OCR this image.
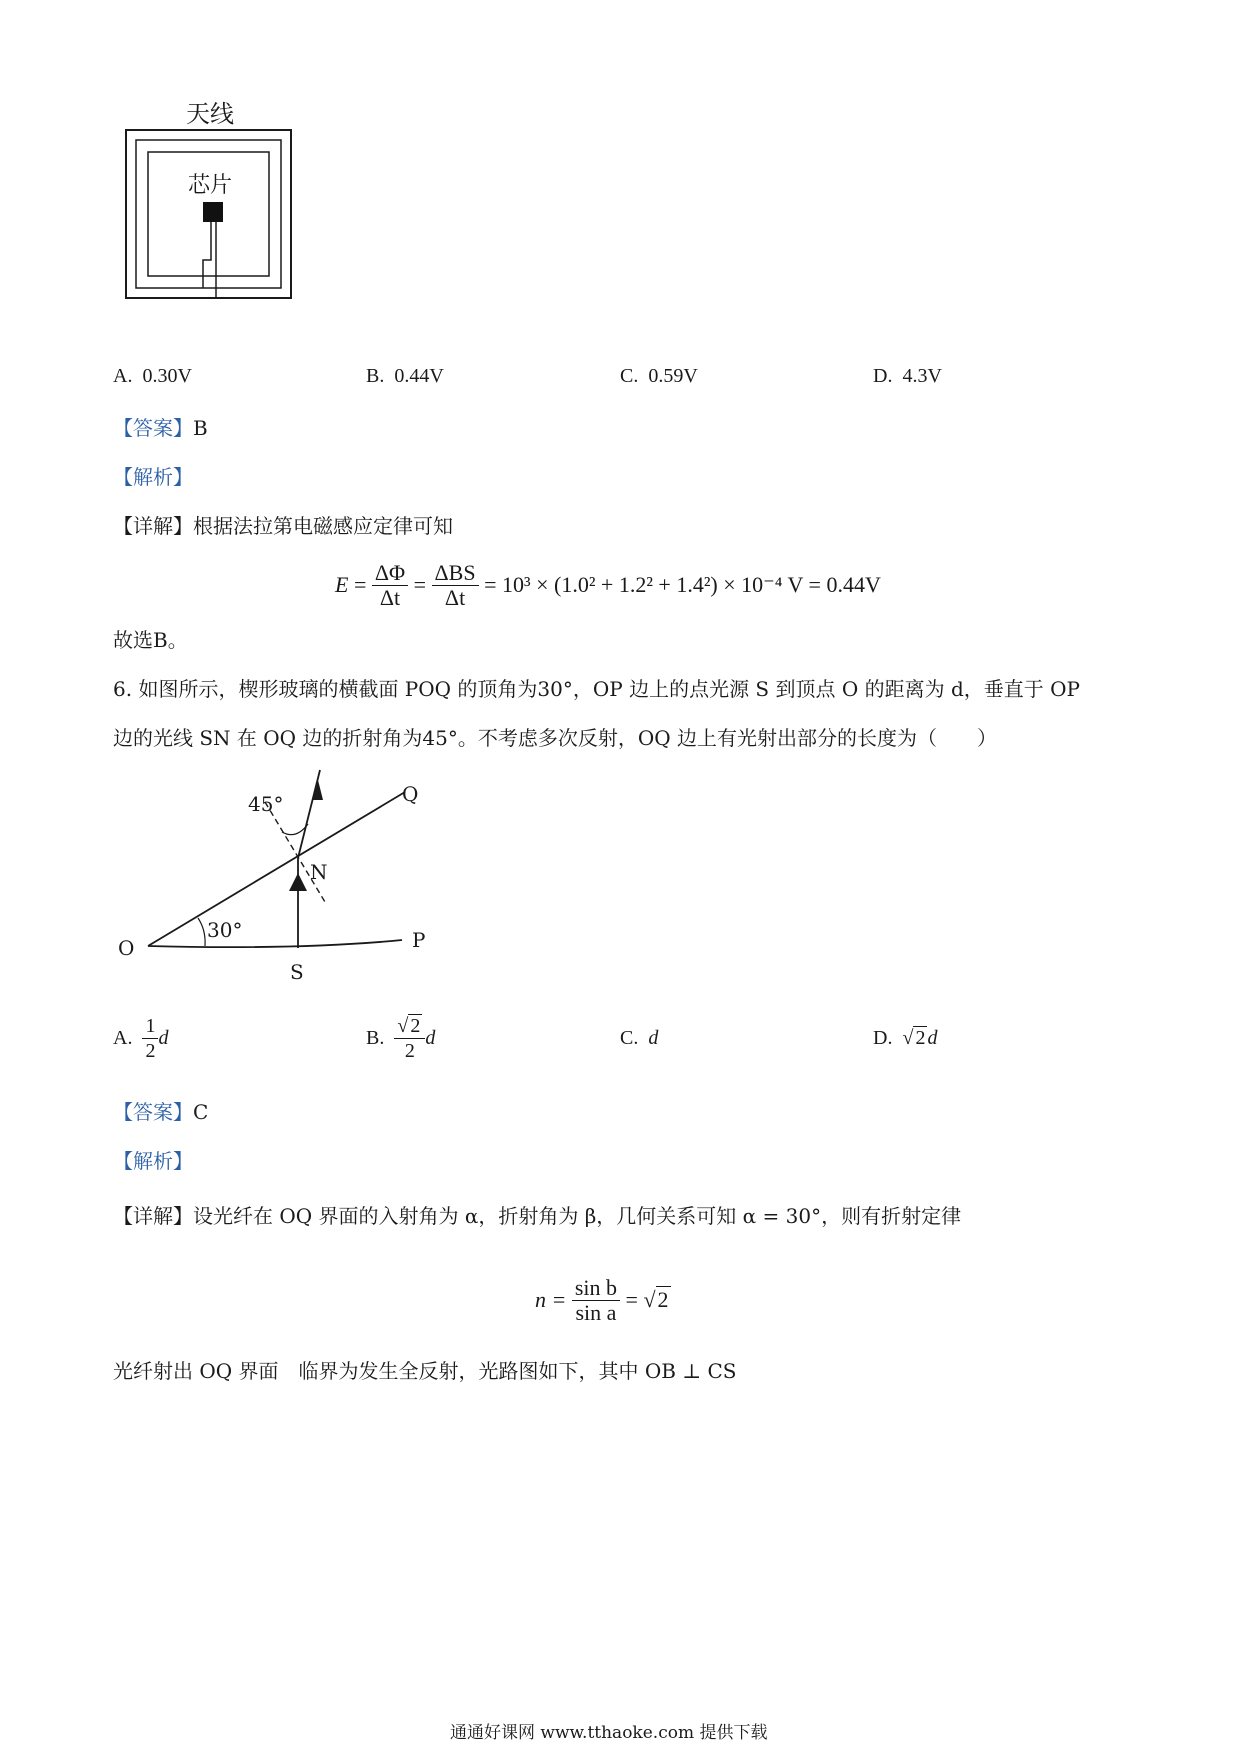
天线
芯片
A. 0.30V	B. 0.44V	C. 0.59V	D. 4.3V
【答案】B
【解析】
【详解】根据法拉第电磁感应定律可知
$E = \frac{\Delta\Phi}{\Delta t} = \frac{\text{ΔBS}}{\Delta t}$
= 10³ × (1.0² + 1.2² + 1.4²) × 10⁻⁴ V = 0.44V
故选B。
6. 如图所示，楔形玻璃的横截面 POQ 的顶角为30°，OP 边上的点光源 S 到顶点 O 的距离为 d，垂直于 OP
边的光线 SN 在 OQ 边的折射角为45°。不考虑多次反射，OQ 边上有光射出部分的长度为（　　）
45°	Q
N
30°
O
S
P
A.
$\frac{1}{2}$ d	B.
$\frac{√ 2}{2}$ d	C.
d	D.
√ 2 d
【答案】C
【解析】
【详解】设光纤在 OQ 界面的入射角为 α，折射角为 β，几何关系可知 α = 30°，则有折射定律
n =
$\frac{\text{sin b}}{\text{sin a}}$
=
√2
光纤射出 OQ 界面　临界为发生全反射，光路图如下，其中 OB ⊥ CS
通通好课网 www.tthaoke.com 提供下载
